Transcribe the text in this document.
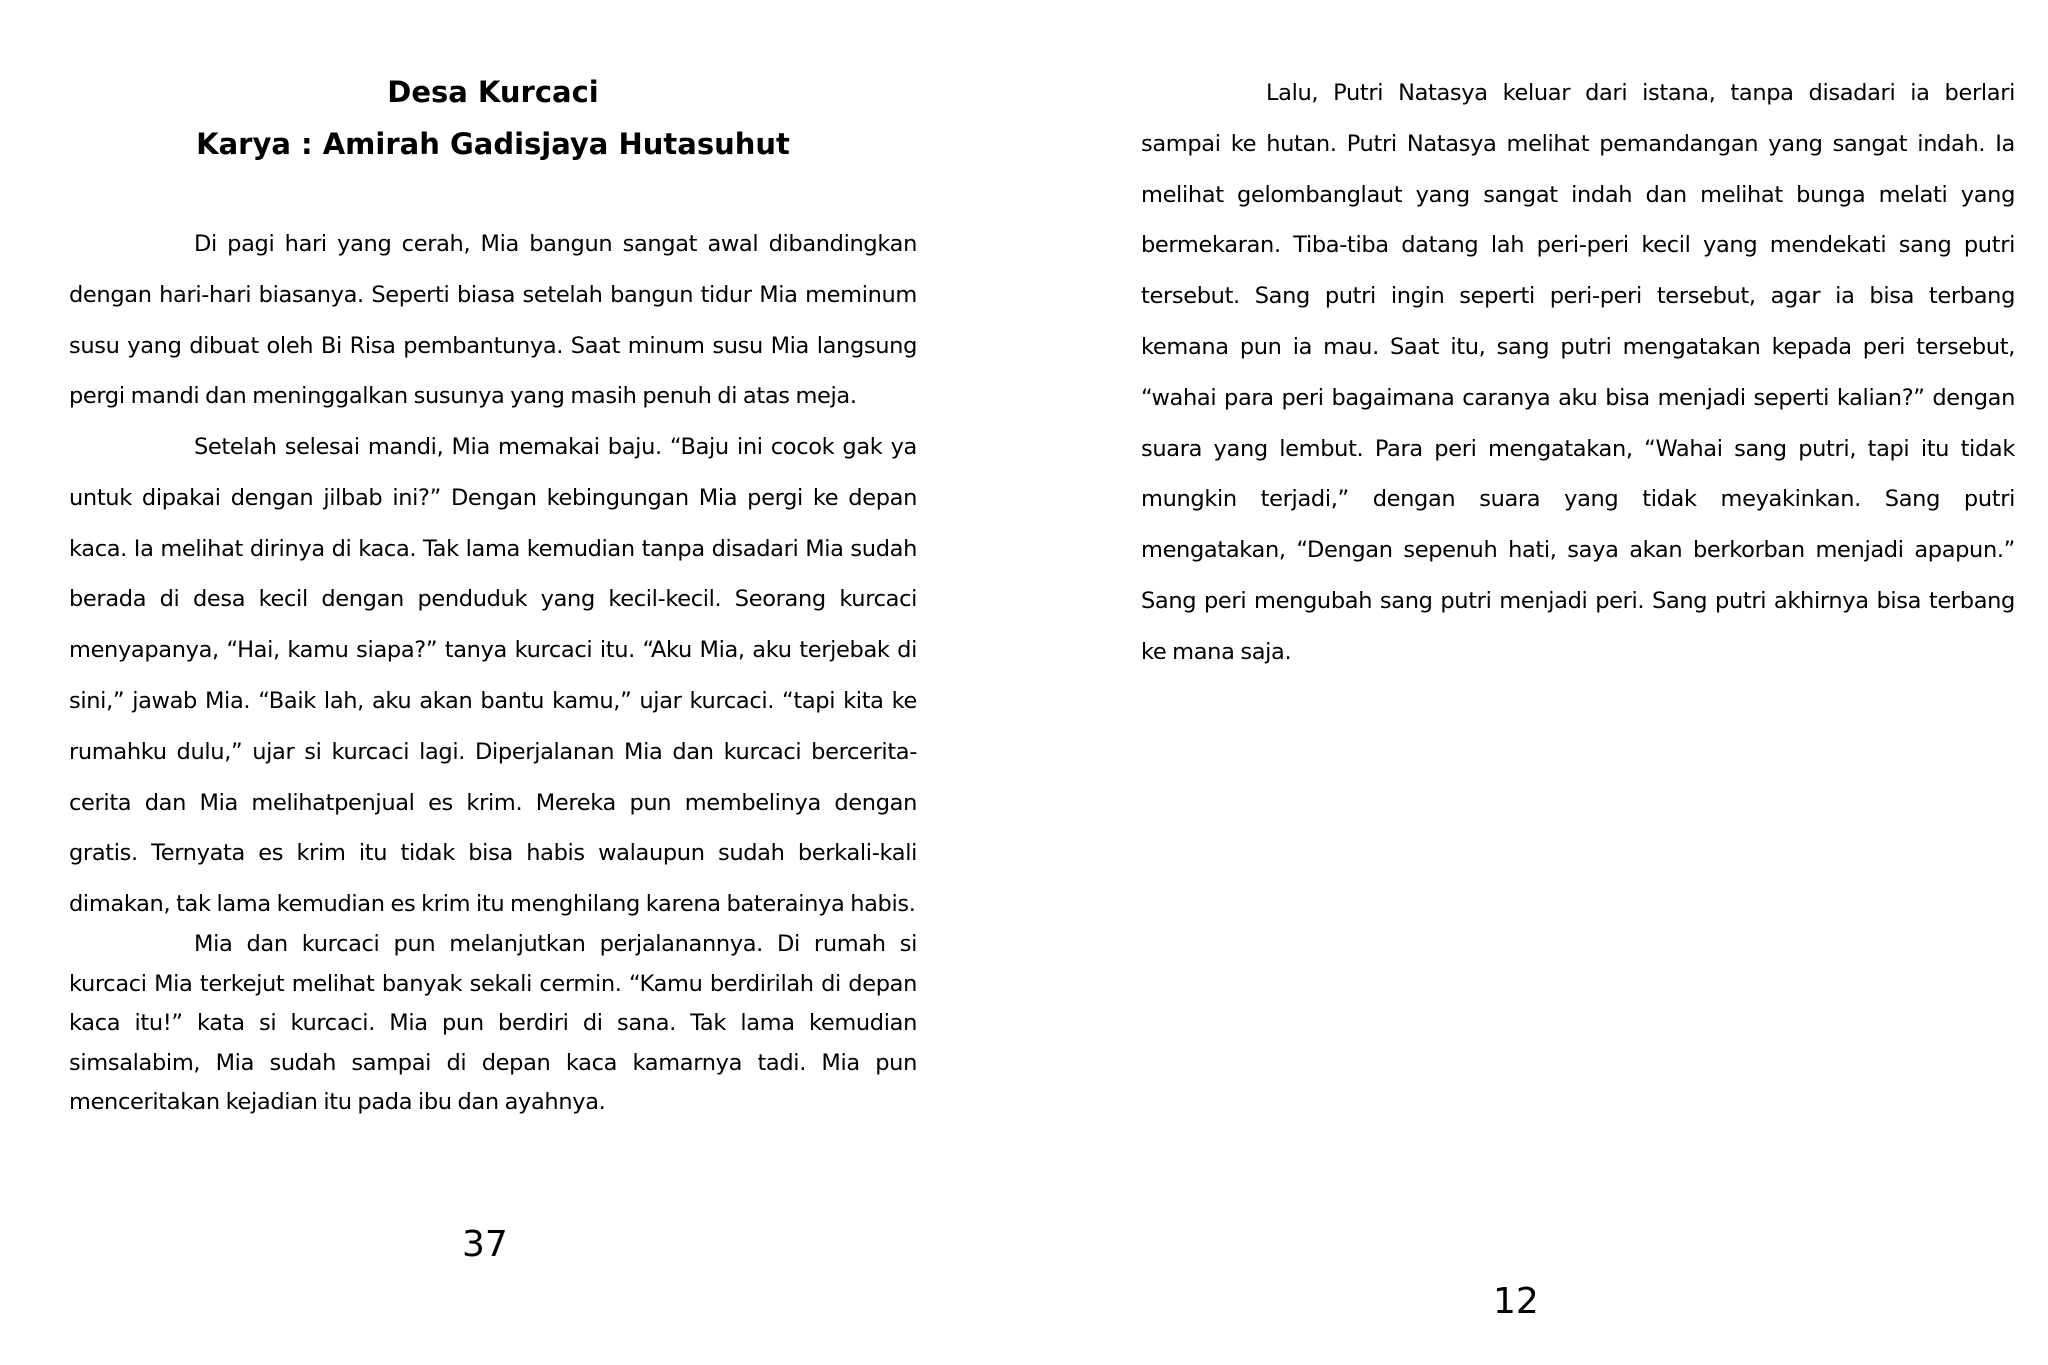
Desa Kurcaci
Karya : Amirah Gadisjaya Hutasuhut

Di pagi hari yang cerah, Mia bangun sangat awal dibandingkan dengan hari-hari biasanya. Seperti biasa setelah bangun tidur Mia meminum susu yang dibuat oleh Bi Risa pembantunya. Saat minum susu Mia langsung pergi mandi dan meninggalkan susunya yang masih penuh di atas meja.

Setelah selesai mandi, Mia memakai baju. “Baju ini cocok gak ya untuk dipakai dengan jilbab ini?” Dengan kebingungan Mia pergi ke depan kaca. Ia melihat dirinya di kaca. Tak lama kemudian tanpa disadari Mia sudah berada di desa kecil dengan penduduk yang kecil-kecil. Seorang kurcaci menyapanya, “Hai, kamu siapa?” tanya kurcaci itu. “Aku Mia, aku terjebak di sini,” jawab Mia. “Baik lah, aku akan bantu kamu,” ujar kurcaci. “tapi kita ke rumahku dulu,” ujar si kurcaci lagi. Diperjalanan Mia dan kurcaci bercerita-cerita dan Mia melihatpenjual es krim. Mereka pun membelinya dengan gratis. Ternyata es krim itu tidak bisa habis walaupun sudah berkali-kali dimakan, tak lama kemudian es krim itu menghilang karena baterainya habis.

Mia dan kurcaci pun melanjutkan perjalanannya. Di rumah si kurcaci Mia terkejut melihat banyak sekali cermin. “Kamu berdirilah di depan kaca itu!” kata si kurcaci. Mia pun berdiri di sana. Tak lama kemudian simsalabim, Mia sudah sampai di depan kaca kamarnya tadi. Mia pun menceritakan kejadian itu pada ibu dan ayahnya.

37

Lalu, Putri Natasya keluar dari istana, tanpa disadari ia berlari sampai ke hutan. Putri Natasya melihat pemandangan yang sangat indah. Ia melihat gelombanglaut yang sangat indah dan melihat bunga melati yang bermekaran. Tiba-tiba datang lah peri-peri kecil yang mendekati sang putri tersebut. Sang putri ingin seperti peri-peri tersebut, agar ia bisa terbang kemana pun ia mau. Saat itu, sang putri mengatakan kepada peri tersebut, “wahai para peri bagaimana caranya aku bisa menjadi seperti kalian?” dengan suara yang lembut. Para peri mengatakan, “Wahai sang putri, tapi itu tidak mungkin terjadi,” dengan suara yang tidak meyakinkan. Sang putri mengatakan, “Dengan sepenuh hati, saya akan berkorban menjadi apapun.” Sang peri mengubah sang putri menjadi peri. Sang putri akhirnya bisa terbang ke mana saja.

12
